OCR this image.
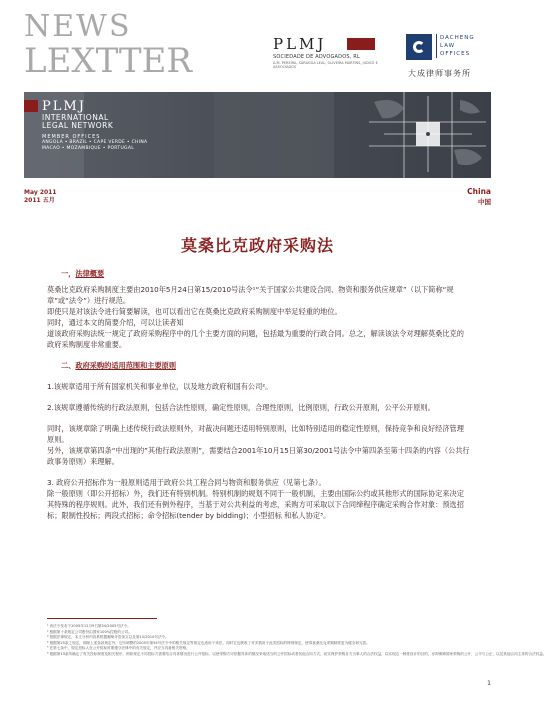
NEWS
LEXTTER	PLMJ
SOCIEDADE DE ADVOGADOS, RL
A.M. PEREIRA, SÁRAGGA LEAL, OLIVEIRA MARTINS, JÚDICE E ASSOCIADOS
DACHENG
LAW
OFFICES
大成律师事务所
PLMJ
INTERNATIONAL
LEGAL NETWORK
MEMBER OFFICES
ANGOLA • BRAZIL • CAPE VERDE • CHINA
MACAO • MOZAMBIQUE • PORTUGAL
May 2011
2011 五月
China
中国
莫桑比克政府采购法
一，法律概要

莫桑比克政府采购制度主要由2010年5月24日第15/2010号法令¹“关于国家公共建设合同、物资和服务供应规章”（以下简称“规章”或“法令”）进行规范。

即使只是对该法令进行简要解读，也可以看出它在莫桑比克政府采购制度中举足轻重的地位。

同时，通过本文的简要介绍，可以让读者知

道该政府采购法统一规定了政府采购程序中的几个主要方面的问题，包括最为重要的行政合同。总之，解读该法令对理解莫桑比克的政府采购制度非常重要。

二、政府采购的适用范围和主要原则

1.该规章适用于所有国家机关和事业单位，以及地方政府和国有公司²。

2.该规章遵循传统的行政法原则，包括合法性原则，确定性原则，合理性原则，比例原则，行政公开原则，公平公开原则。

同时，该规章除了明确上述传统行政法原则外，对裁决问题还适用特别原则，比如特别适用的稳定性原则，保持竞争和良好经济管理原则。

另外，该规章第四条“中出现的”其他行政法原则”，需要结合2001年10月15日第30/2001号法令中第四条至第十四条的内容（公共行政事务原则）来理解。

3. 政府公开招标作为一般原则适用于政府公共工程合同与物资和服务供应（见第七条）。

除一般原则（即公开招标）外，我们还有特别机制。特别机制的规划不同于一般机制，主要由国际公约或其他形式的国际协定来决定其特殊的程序规则。此外，我们还有例外程序，当基于对公共利益的考虑，采购方可采取以下合同缔程序确定采购合作对象：预选招标；限制性投标；两段式招标；命令招标(tender by bidding)；小型招标 和私人协定³。

¹ 该法令发布于2005年12月9日第54/2005号法令。
² 根据第十条规定公司股份由国家100%控股的公司。
³ 根据法律规定，本文分析内容系根据葡萄牙语条文以及第15/2010号法令。
⁴ 根据第25条之规定，即除上述条款规定外，它所调整的2005年第54号法令中的相关规定等规定也适用于该法。同时它也吸收了对多数用于此类招标的特别规定，使得莫桑比克采购制度更为健全和完善。
⁵ 在第七条中，规定投标人在公开招标时要遵守法律中的有关规定，并应当具备相关资格。
⁶ 根据第13条所确定了有关投标制度及相关程序，例如规定不同投标方需要结合具体情况进行公开招标，以使采购方可依据具体的情况采取适当的公开招标或者其他合同方式，切实保护采购各方当事人的合法权益，以实现这一制度设计的目的，亦即保障国家采购的公开、公平与公正，以及其他合同主体的合法权益。
1
